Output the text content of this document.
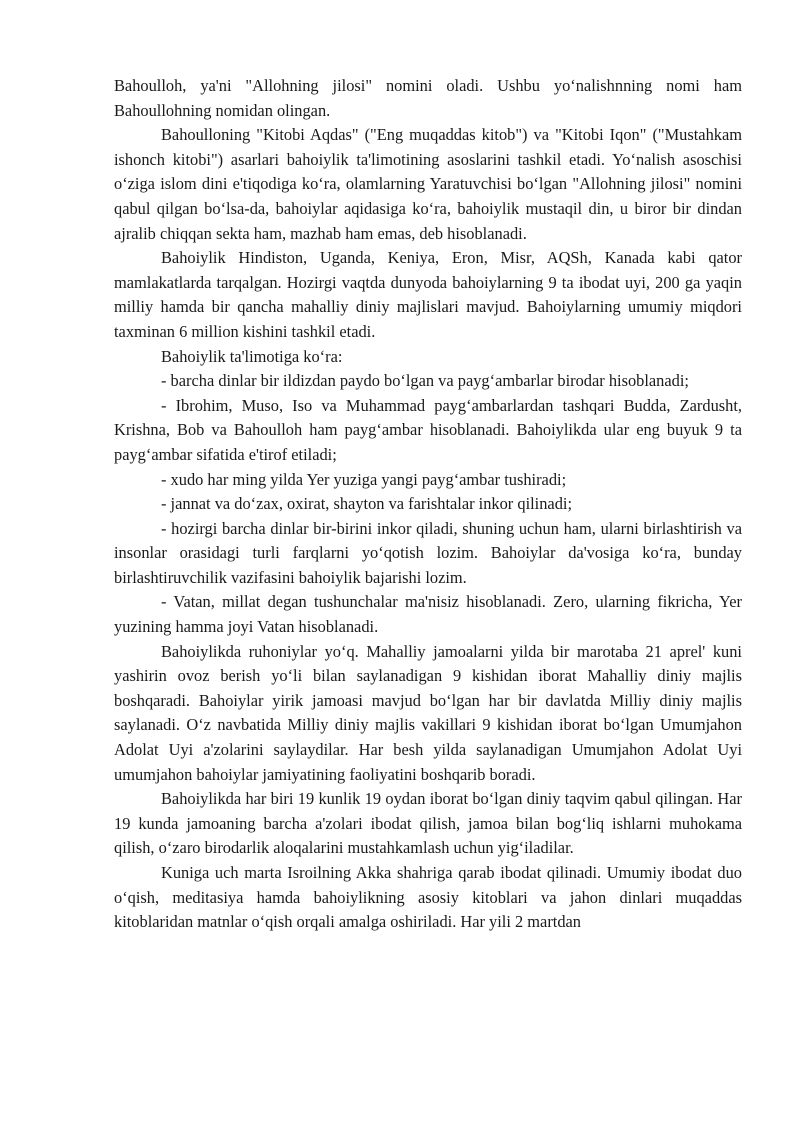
Bahoulloh, ya'ni "Allohning jilosi" nomini oladi. Ushbu yoʻnalishnning nomi ham Bahoullohning nomidan olingan.

Bahoulloning "Kitobi Aqdas" ("Eng muqaddas kitob") va "Kitobi Iqon" ("Mustahkam ishonch kitobi") asarlari bahoiylik ta'limotining asoslarini tashkil etadi. Yoʻnalish asoschisi oʻziga islom dini e'tiqodiga koʻra, olamlarning Yaratuvchisi boʻlgan "Allohning jilosi" nomini qabul qilgan boʻlsa-da, bahoiylar aqidasiga koʻra, bahoiylik mustaqil din, u biror bir dindan ajralib chiqqan sekta ham, mazhab ham emas, deb hisoblanadi.

Bahoiylik Hindiston, Uganda, Keniya, Eron, Misr, AQSh, Kanada kabi qator mamlakatlarda tarqalgan. Hozirgi vaqtda dunyoda bahoiylarning 9 ta ibodat uyi, 200 ga yaqin milliy hamda bir qancha mahalliy diniy majlislari mavjud. Bahoiylarning umumiy miqdori taxminan 6 million kishini tashkil etadi.

Bahoiylik ta'limotiga koʻra:

- barcha dinlar bir ildizdan paydo boʻlgan va paygʻambarlar birodar hisoblanadi;

- Ibrohim, Muso, Iso va Muhammad paygʻambarlardan tashqari Budda, Zardusht, Krishna, Bob va Bahoulloh ham paygʻambar hisoblanadi. Bahoiylikda ular eng buyuk 9 ta paygʻambar sifatida e'tirof etiladi;

- xudo har ming yilda Yer yuziga yangi paygʻambar tushiradi;

- jannat va doʻzax, oxirat, shayton va farishtalar inkor qilinadi;

- hozirgi barcha dinlar bir-birini inkor qiladi, shuning uchun ham, ularni birlashtirish va insonlar orasidagi turli farqlarni yoʻqotish lozim. Bahoiylar da'vosiga koʻra, bunday birlashtiruvchilik vazifasini bahoiylik bajarishi lozim.

- Vatan, millat degan tushunchalar ma'nisiz hisoblanadi. Zero, ularning fikricha, Yer yuzining hamma joyi Vatan hisoblanadi.

Bahoiylikda ruhoniylar yoʻq. Mahalliy jamoalarni yilda bir marotaba 21 aprel' kuni yashirin ovoz berish yoʻli bilan saylanadigan 9 kishidan iborat Mahalliy diniy majlis boshqaradi. Bahoiylar yirik jamoasi mavjud boʻlgan har bir davlatda Milliy diniy majlis saylanadi. Oʻz navbatida Milliy diniy majlis vakillari 9 kishidan iborat boʻlgan Umumjahon Adolat Uyi a'zolarini saylaydilar. Har besh yilda saylanadigan Umumjahon Adolat Uyi umumjahon bahoiylar jamiyatining faoliyatini boshqarib boradi.

Bahoiylikda har biri 19 kunlik 19 oydan iborat boʻlgan diniy taqvim qabul qilingan. Har 19 kunda jamoaning barcha a'zolari ibodat qilish, jamoa bilan bogʻliq ishlarni muhokama qilish, oʻzaro birodarlik aloqalarini mustahkamlash uchun yigʻiladilar.

Kuniga uch marta Isroilning Akka shahriga qarab ibodat qilinadi. Umumiy ibodat duo oʻqish, meditasiya hamda bahoiylikning asosiy kitoblari va jahon dinlari muqaddas kitoblaridan matnlar oʻqish orqali amalga oshiriladi. Har yili 2 martdan
